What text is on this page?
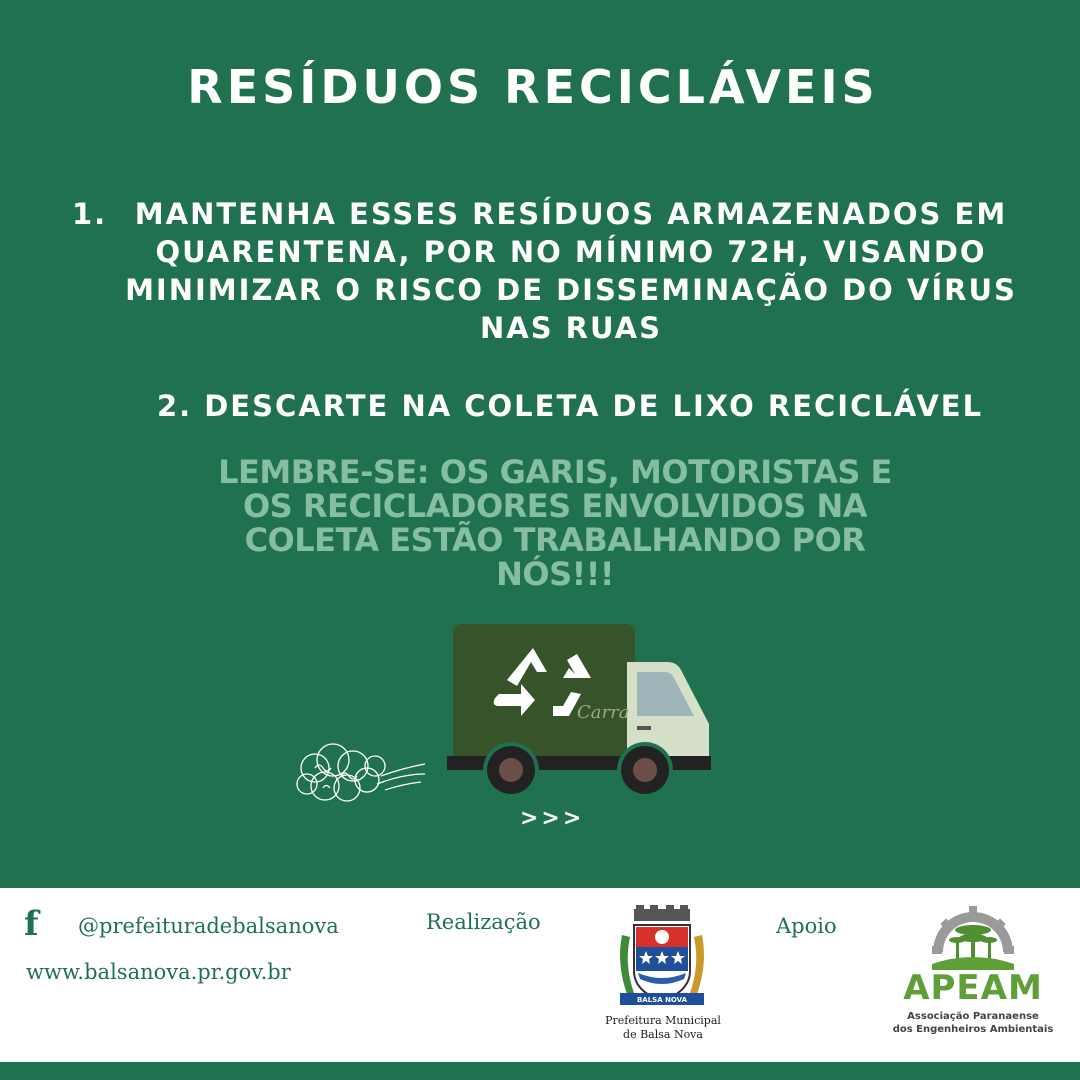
RESÍDUOS RECICLÁVEIS
1. MANTENHA ESSES RESÍDUOS ARMAZENADOS EM QUARENTENA, POR NO MÍNIMO 72H, VISANDO MINIMIZAR O RISCO DE DISSEMINAÇÃO DO VÍRUS NAS RUAS
2. DESCARTE NA COLETA DE LIXO RECICLÁVEL
LEMBRE-SE: OS GARIS, MOTORISTAS E OS RECICLADORES ENVOLVIDOS NA COLETA ESTÃO TRABALHANDO POR NÓS!!!
Carra
>>>
f @prefeituradebalsanova
www.balsanova.pr.gov.br
Realização	Apoio
BALSA NOVA
Prefeitura Municipal
de Balsa Nova
APEAM
Associação Paranaense
dos Engenheiros Ambientais
